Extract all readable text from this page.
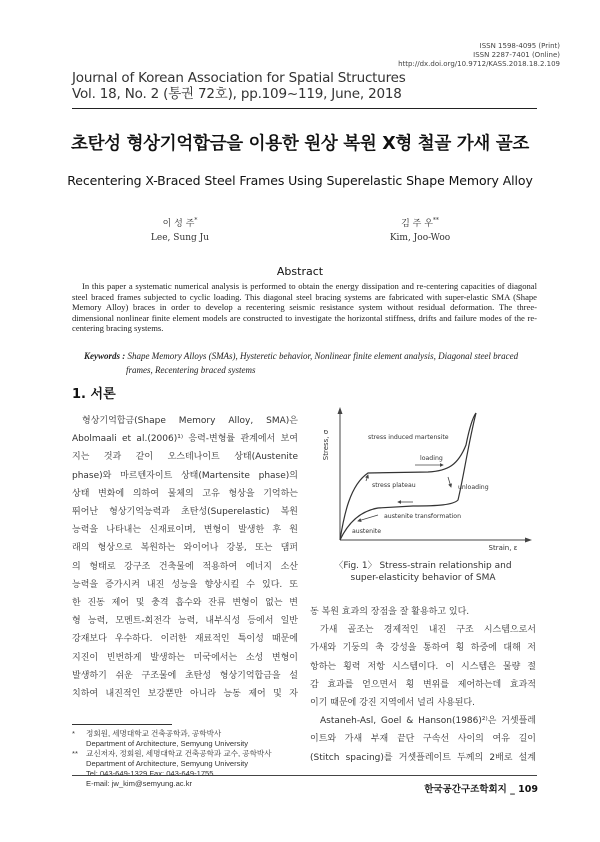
ISSN 1598-4095 (Print)
ISSN 2287-7401 (Online)
http://dx.doi.org/10.9712/KASS.2018.18.2.109
Journal of Korean Association for Spatial Structures
Vol. 18, No. 2 (통권 72호), pp.109~119, June, 2018
초탄성 형상기억합금을 이용한 원상 복원 X형 철골 가새 골조
Recentering X-Braced Steel Frames Using Superelastic Shape Memory Alloy
이 성 주*
Lee, Sung Ju
김 주 우**
Kim, Joo-Woo
Abstract
In this paper a systematic numerical analysis is performed to obtain the energy dissipation and re-centering capacities of diagonal steel braced frames subjected to cyclic loading. This diagonal steel bracing systems are fabricated with super-elastic SMA (Shape Memory Alloy) braces in order to develop a recentering seismic resistance system without residual deformation. The three-dimensional nonlinear finite element models are constructed to investigate the horizontal stiffness, drifts and failure modes of the re-centering bracing systems.
Keywords : Shape Memory Alloys (SMAs), Hysteretic behavior, Nonlinear finite element analysis, Diagonal steel braced
frames, Recentering braced systems
1. 서론
형상기억합금(Shape Memory Alloy, SMA)은
Abolmaali et al.(2006)¹⁾ 응력-변형률 관계에서 보여
지는 것과 같이 오스테나이트 상태(Austenite
phase)와 마르텐자이트 상태(Martensite phase)의
상태 변화에 의하여 물체의 고유 형상을 기억하는
뛰어난 형상기억능력과 초탄성(Superelastic) 복원
능력을 나타내는 신재료이며, 변형이 발생한 후 원
래의 형상으로 복원하는 와이어나 강봉, 또는 댐퍼
의 형태로 강구조 건축물에 적용하여 에너지 소산
능력을 증가시켜 내진 성능을 향상시킬 수 있다. 또
한 진동 제어 및 충격 흡수와 잔류 변형이 없는 변
형 능력, 모멘트-회전각 능력, 내부식성 등에서 일반
강재보다 우수하다. 이러한 재료적인 특이성 때문에
지진이 빈번하게 발생하는 미국에서는 소성 변형이
발생하기 쉬운 구조물에 초탄성 형상기억합금을 설
치하여 내진적인 보강뿐만 아니라 능동 제어 및 자
Stress, σ
Strain, ε
stress induced martensite
loading
stress plateau	unloading
austenite transformation
austenite
〈Fig. 1〉 Stress-strain relationship and
super-elasticity behavior of SMA
동 복원 효과의 장점을 잘 활용하고 있다.
가새 골조는 경제적인 내진 구조 시스템으로서
가새와 기둥의 축 강성을 통하여 횡 하중에 대해 저
항하는 횡력 저항 시스템이다. 이 시스템은 물량 절
감 효과를 얻으면서 횡 변위를 제어하는데 효과적
이기 때문에 강진 지역에서 널리 사용된다.
Astaneh-Asl, Goel & Hanson(1986)²⁾은 거셋플레
이트와 가새 부재 끝단 구속선 사이의 여유 길이
(Stitch spacing)를 거셋플레이트 두께의 2배로 설계
* 정회원, 세명대학교 건축공학과, 공학박사
Department of Architecture, Semyung University
** 교신저자, 정회원, 세명대학교 건축공학과 교수, 공학박사
Department of Architecture, Semyung University
Tel: 043-649-1329 Fax: 043-649-1755
E-mail: jw_kim@semyung.ac.kr
한국공간구조학회지 _ 109
